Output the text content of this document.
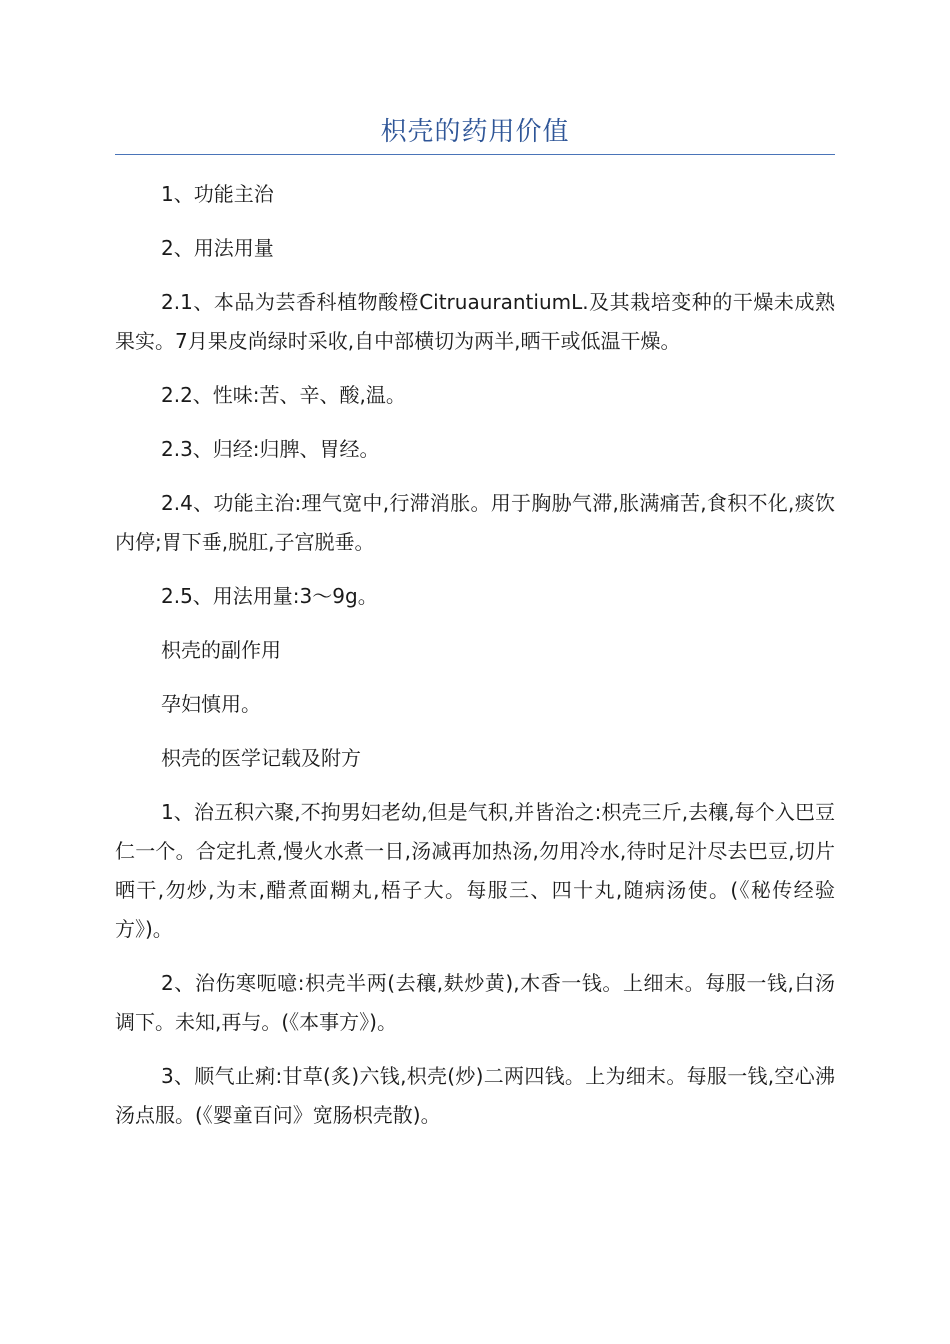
枳壳的药用价值

1、功能主治

2、用法用量

2.1、本品为芸香科植物酸橙CitruaurantiumL.及其栽培变种的干燥未成熟果实。7月果皮尚绿时采收,自中部横切为两半,晒干或低温干燥。

2.2、性味:苦、辛、酸,温。

2.3、归经:归脾、胃经。

2.4、功能主治:理气宽中,行滞消胀。用于胸胁气滞,胀满痛苦,食积不化,痰饮内停;胃下垂,脱肛,子宫脱垂。

2.5、用法用量:3～9g。

枳壳的副作用

孕妇慎用。

枳壳的医学记载及附方

1、治五积六聚,不拘男妇老幼,但是气积,并皆治之:枳壳三斤,去穰,每个入巴豆仁一个。合定扎煮,慢火水煮一日,汤减再加热汤,勿用冷水,待时足汁尽去巴豆,切片晒干,勿炒,为末,醋煮面糊丸,梧子大。每服三、四十丸,随病汤使。(《秘传经验方》)。

2、治伤寒呃噫:枳壳半两(去穰,麸炒黄),木香一钱。上细末。每服一钱,白汤调下。未知,再与。(《本事方》)。

3、顺气止痢:甘草(炙)六钱,枳壳(炒)二两四钱。上为细末。每服一钱,空心沸汤点服。(《婴童百问》宽肠枳壳散)。
